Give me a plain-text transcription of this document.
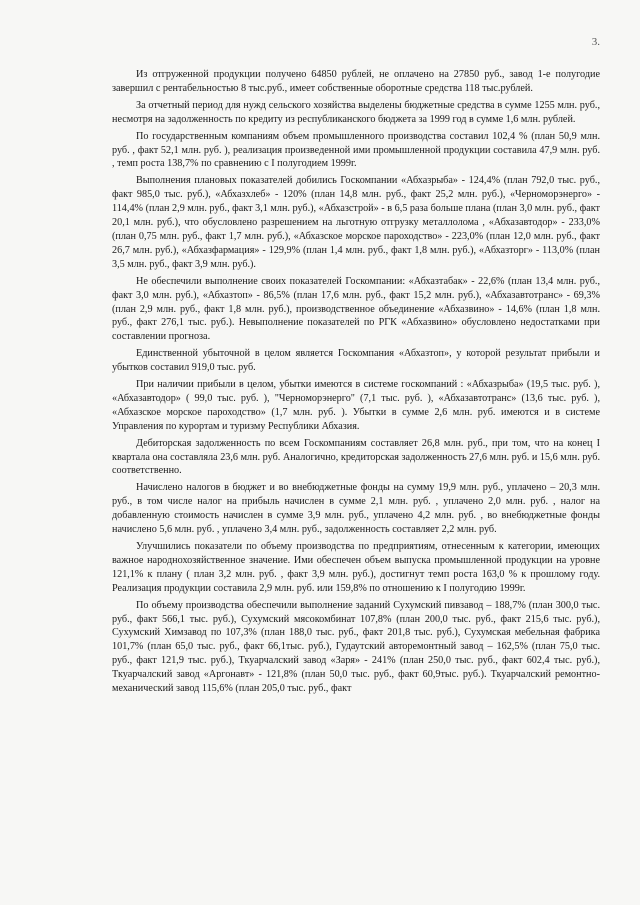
3.

Из отгруженной продукции получено 64850 рублей, не оплачено на 27850 руб., завод 1-е полугодие завершил с рентабельностью 8 тыс.руб., имеет собственные оборотные средства 118 тыс.рублей.

За отчетный период для нужд сельского хозяйства выделены бюджетные средства в сумме 1255 млн. руб., несмотря на задолженность по кредиту из республиканского бюджета за 1999 год в сумме 1,6 млн. рублей.

По государственным компаниям объем промышленного производства составил 102,4 % (план 50,9 млн. руб. , факт 52,1 млн. руб. ), реализация произведенной ими промышленной продукции составила 47,9 млн. руб. , темп роста 138,7% по сравнению с I полугодием 1999г.

Выполнения плановых показателей добились Госкомпании «Абхазрыба» - 124,4% (план 792,0 тыс. руб., факт 985,0 тыс. руб.), «Абхазхлеб» - 120% (план 14,8 млн. руб., факт 25,2 млн. руб.), «Черноморэнерго» - 114,4% (план 2,9 млн. руб., факт 3,1 млн. руб.), «Абхазстрой» - в 6,5 раза больше плана (план 3,0 млн. руб., факт 20,1 млн. руб.), что обусловлено разрешением на льготную отгрузку металлолома , «Абхазавтодор» - 233,0% (план 0,75 млн. руб., факт 1,7 млн. руб.), «Абхазское морское пароходство» - 223,0% (план 12,0 млн. руб., факт 26,7 млн. руб.), «Абхазфармация» - 129,9% (план 1,4 млн. руб., факт 1,8 млн. руб.), «Абхазторг» - 113,0% (план 3,5 млн. руб., факт 3,9 млн. руб.).

Не обеспечили выполнение своих показателей Госкомпании: «Абхазтабак» - 22,6% (план 13,4 млн. руб., факт 3,0 млн. руб.), «Абхазтоп» - 86,5% (план 17,6 млн. руб., факт 15,2 млн. руб.), «Абхазавтотранс» - 69,3% (план 2,9 млн. руб., факт 1,8 млн. руб.), производственное объединение «Абхазвино» - 14,6% (план 1,8 млн. руб., факт 276,1 тыс. руб.). Невыполнение показателей по РГК «Абхазвино» обусловлено недостатками при составлении прогноза.

Единственной убыточной в целом является Госкомпания «Абхазтоп», у которой результат прибыли и убытков составил 919,0 тыс. руб.

При наличии прибыли в целом, убытки имеются в системе госкомпаний : «Абхазрыба» (19,5 тыс. руб. ), «Абхазавтодор» ( 99,0 тыс. руб. ), "Черноморэнерго" (7,1 тыс. руб. ), «Абхазавтотранс» (13,6 тыс. руб. ), «Абхазское морское пароходство» (1,7 млн. руб. ). Убытки в сумме 2,6 млн. руб. имеются и в системе Управления по курортам и туризму Республики Абхазия.

Дебиторская задолженность по всем Госкомпаниям составляет 26,8 млн. руб., при том, что на конец I квартала она составляла 23,6 млн. руб. Аналогично, кредиторская задолженность 27,6 млн. руб. и 15,6 млн. руб. соответственно.

Начислено налогов в бюджет и во внебюджетные фонды на сумму 19,9 млн. руб., уплачено – 20,3 млн. руб., в том числе налог на прибыль начислен в сумме 2,1 млн. руб. , уплачено 2,0 млн. руб. , налог на добавленную стоимость начислен в сумме 3,9 млн. руб., уплачено 4,2 млн. руб. , во внебюджетные фонды начислено 5,6 млн. руб. , уплачено 3,4 млн. руб., задолженность составляет 2,2 млн. руб.

Улучшились показатели по объему производства по предприятиям, отнесенным к категории, имеющих важное народнохозяйственное значение. Ими обеспечен объем выпуска промышленной продукции на уровне 121,1% к плану ( план 3,2 млн. руб. , факт 3,9 млн. руб.), достигнут темп роста 163,0 % к прошлому году. Реализация продукции составила 2,9 млн. руб. или 159,8% по отношению к I полугодию 1999г.

По объему производства обеспечили выполнение заданий Сухумский пивзавод – 188,7% (план 300,0 тыс. руб., факт 566,1 тыс. руб.), Сухумский мясокомбинат 107,8% (план 200,0 тыс. руб., факт 215,6 тыс. руб.), Сухумский Химзавод по 107,3% (план 188,0 тыс. руб., факт 201,8 тыс. руб.), Сухумская мебельная фабрика 101,7% (план 65,0 тыс. руб., факт 66,1тыс. руб.), Гудаутский авторемонтный завод – 162,5% (план 75,0 тыс. руб., факт 121,9 тыс. руб.), Ткуарчалский завод «Заря» - 241% (план 250,0 тыс. руб., факт 602,4 тыс. руб.), Ткуарчалский завод «Аргонавт» - 121,8% (план 50,0 тыс. руб., факт 60,9тыс. руб.). Ткуарчалский ремонтно-механический завод 115,6% (план 205,0 тыс. руб., факт
